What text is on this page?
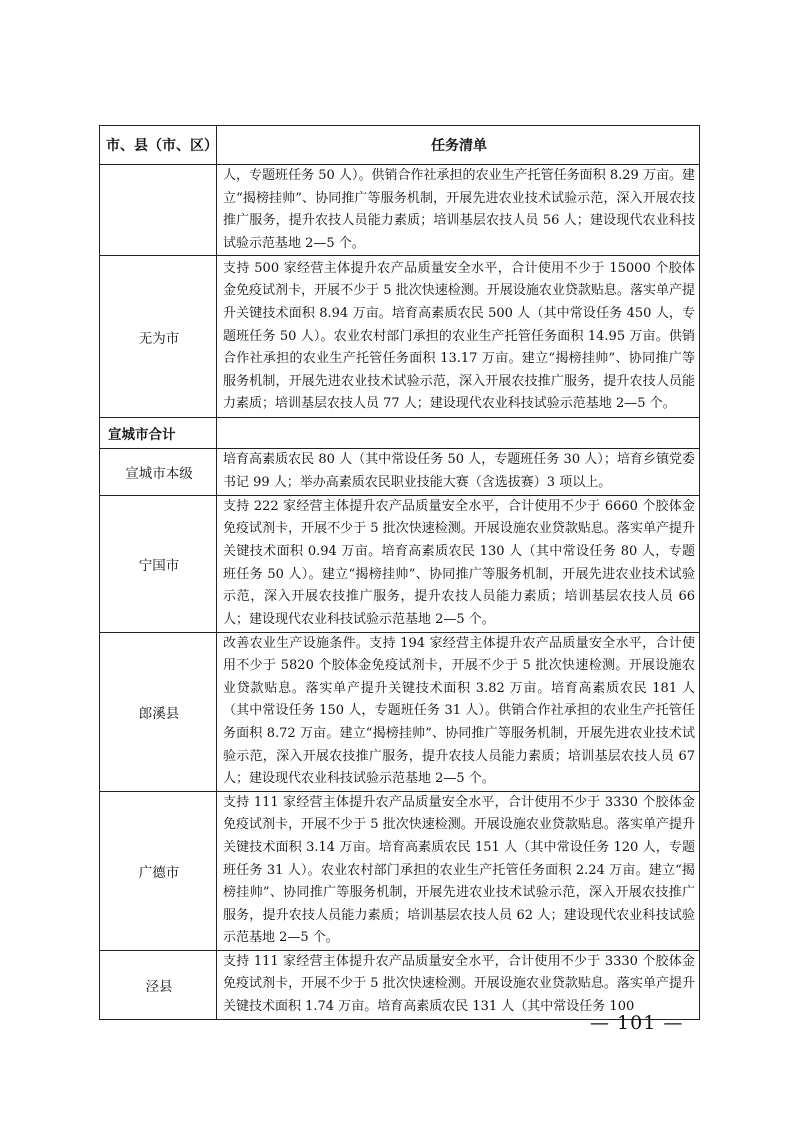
市、县（市、区）	任务清单
	人，专题班任务 50 人）。供销合作社承担的农业生产托管任务面积 8.29 万亩。建立“揭榜挂帅”、协同推广等服务机制，开展先进农业技术试验示范，深入开展农技推广服务，提升农技人员能力素质；培训基层农技人员 56 人；建设现代农业科技试验示范基地 2—5 个。
无为市	支持 500 家经营主体提升农产品质量安全水平，合计使用不少于 15000 个胶体金免疫试剂卡，开展不少于 5 批次快速检测。开展设施农业贷款贴息。落实单产提升关键技术面积 8.94 万亩。培育高素质农民 500 人（其中常设任务 450 人，专题班任务 50 人）。农业农村部门承担的农业生产托管任务面积 14.95 万亩。供销合作社承担的农业生产托管任务面积 13.17 万亩。建立“揭榜挂帅”、协同推广等服务机制，开展先进农业技术试验示范，深入开展农技推广服务，提升农技人员能力素质；培训基层农技人员 77 人；建设现代农业科技试验示范基地 2—5 个。
宣城市合计	
宣城市本级	培育高素质农民 80 人（其中常设任务 50 人，专题班任务 30 人）；培育乡镇党委书记 99 人；举办高素质农民职业技能大赛（含选拔赛）3 项以上。
宁国市	支持 222 家经营主体提升农产品质量安全水平，合计使用不少于 6660 个胶体金免疫试剂卡，开展不少于 5 批次快速检测。开展设施农业贷款贴息。落实单产提升关键技术面积 0.94 万亩。培育高素质农民 130 人（其中常设任务 80 人，专题班任务 50 人）。建立“揭榜挂帅”、协同推广等服务机制，开展先进农业技术试验示范，深入开展农技推广服务，提升农技人员能力素质；培训基层农技人员 66 人；建设现代农业科技试验示范基地 2—5 个。
郎溪县	改善农业生产设施条件。支持 194 家经营主体提升农产品质量安全水平，合计使用不少于 5820 个胶体金免疫试剂卡，开展不少于 5 批次快速检测。开展设施农业贷款贴息。落实单产提升关键技术面积 3.82 万亩。培育高素质农民 181 人（其中常设任务 150 人，专题班任务 31 人）。供销合作社承担的农业生产托管任务面积 8.72 万亩。建立“揭榜挂帅”、协同推广等服务机制，开展先进农业技术试验示范，深入开展农技推广服务，提升农技人员能力素质；培训基层农技人员 67 人；建设现代农业科技试验示范基地 2—5 个。
广德市	支持 111 家经营主体提升农产品质量安全水平，合计使用不少于 3330 个胶体金免疫试剂卡，开展不少于 5 批次快速检测。开展设施农业贷款贴息。落实单产提升关键技术面积 3.14 万亩。培育高素质农民 151 人（其中常设任务 120 人，专题班任务 31 人）。农业农村部门承担的农业生产托管任务面积 2.24 万亩。建立“揭榜挂帅”、协同推广等服务机制，开展先进农业技术试验示范，深入开展农技推广服务，提升农技人员能力素质；培训基层农技人员 62 人；建设现代农业科技试验示范基地 2—5 个。
泾县	支持 111 家经营主体提升农产品质量安全水平，合计使用不少于 3330 个胶体金免疫试剂卡，开展不少于 5 批次快速检测。开展设施农业贷款贴息。落实单产提升关键技术面积 1.74 万亩。培育高素质农民 131 人（其中常设任务 100
— 101 —
